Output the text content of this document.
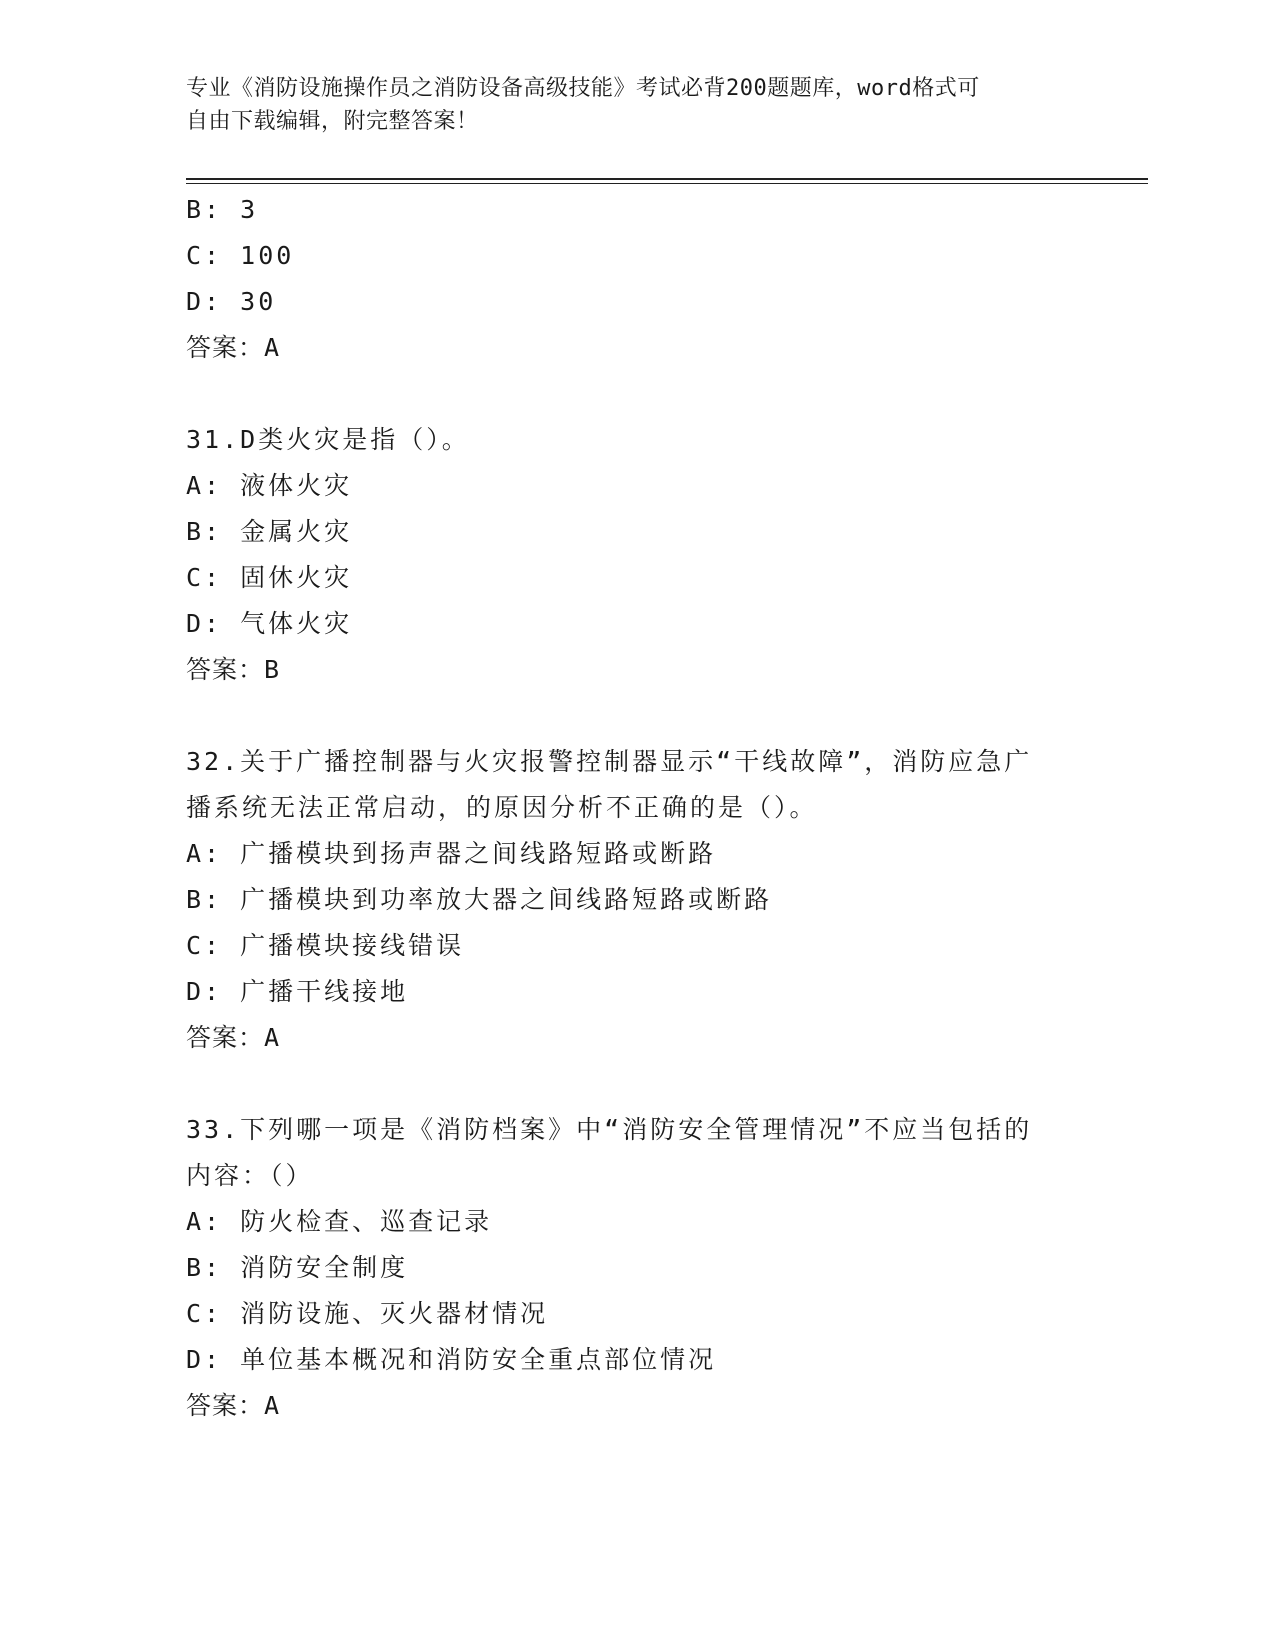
专业《消防设施操作员之消防设备高级技能》考试必背200题题库，word格式可
自由下载编辑，附完整答案！
B: 3
C: 100
D: 30
答案：A
31.D类火灾是指（）。
A: 液体火灾
B: 金属火灾
C: 固休火灾
D: 气体火灾
答案：B
32.关于广播控制器与火灾报警控制器显示“干线故障”，消防应急广
播系统无法正常启动，的原因分析不正确的是（）。
A: 广播模块到扬声器之间线路短路或断路
B: 广播模块到功率放大器之间线路短路或断路
C: 广播模块接线错误
D: 广播干线接地
答案：A
33.下列哪一项是《消防档案》中“消防安全管理情况”不应当包括的
内容：（）
A: 防火检查、巡查记录
B: 消防安全制度
C: 消防设施、灭火器材情况
D: 单位基本概况和消防安全重点部位情况
答案：A
